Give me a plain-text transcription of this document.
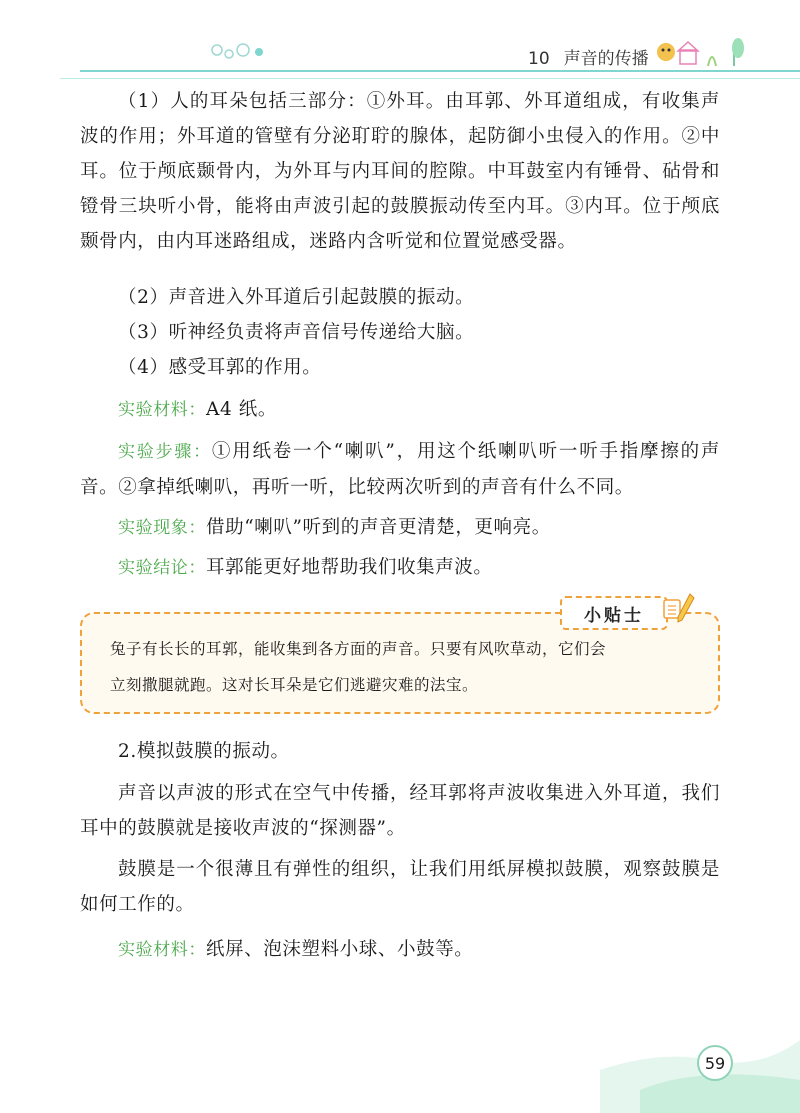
10 声音的传播
（1）人的耳朵包括三部分：①外耳。由耳郭、外耳道组成，有收集声波的作用；外耳道的管壁有分泌耵聍的腺体，起防御小虫侵入的作用。②中耳。位于颅底颞骨内，为外耳与内耳间的腔隙。中耳鼓室内有锤骨、砧骨和镫骨三块听小骨，能将由声波引起的鼓膜振动传至内耳。③内耳。位于颅底颞骨内，由内耳迷路组成，迷路内含听觉和位置觉感受器。
（2）声音进入外耳道后引起鼓膜的振动。
（3）听神经负责将声音信号传递给大脑。
（4）感受耳郭的作用。
实验材料：A4 纸。
实验步骤：①用纸卷一个“喇叭”，用这个纸喇叭听一听手指摩擦的声音。②拿掉纸喇叭，再听一听，比较两次听到的声音有什么不同。
实验现象：借助“喇叭”听到的声音更清楚，更响亮。
实验结论：耳郭能更好地帮助我们收集声波。
小贴士
兔子有长长的耳郭，能收集到各方面的声音。只要有风吹草动，它们会
立刻撒腿就跑。这对长耳朵是它们逃避灾难的法宝。
2.模拟鼓膜的振动。
声音以声波的形式在空气中传播，经耳郭将声波收集进入外耳道，我们耳中的鼓膜就是接收声波的“探测器”。
鼓膜是一个很薄且有弹性的组织，让我们用纸屏模拟鼓膜，观察鼓膜是如何工作的。
实验材料：纸屏、泡沫塑料小球、小鼓等。
59
